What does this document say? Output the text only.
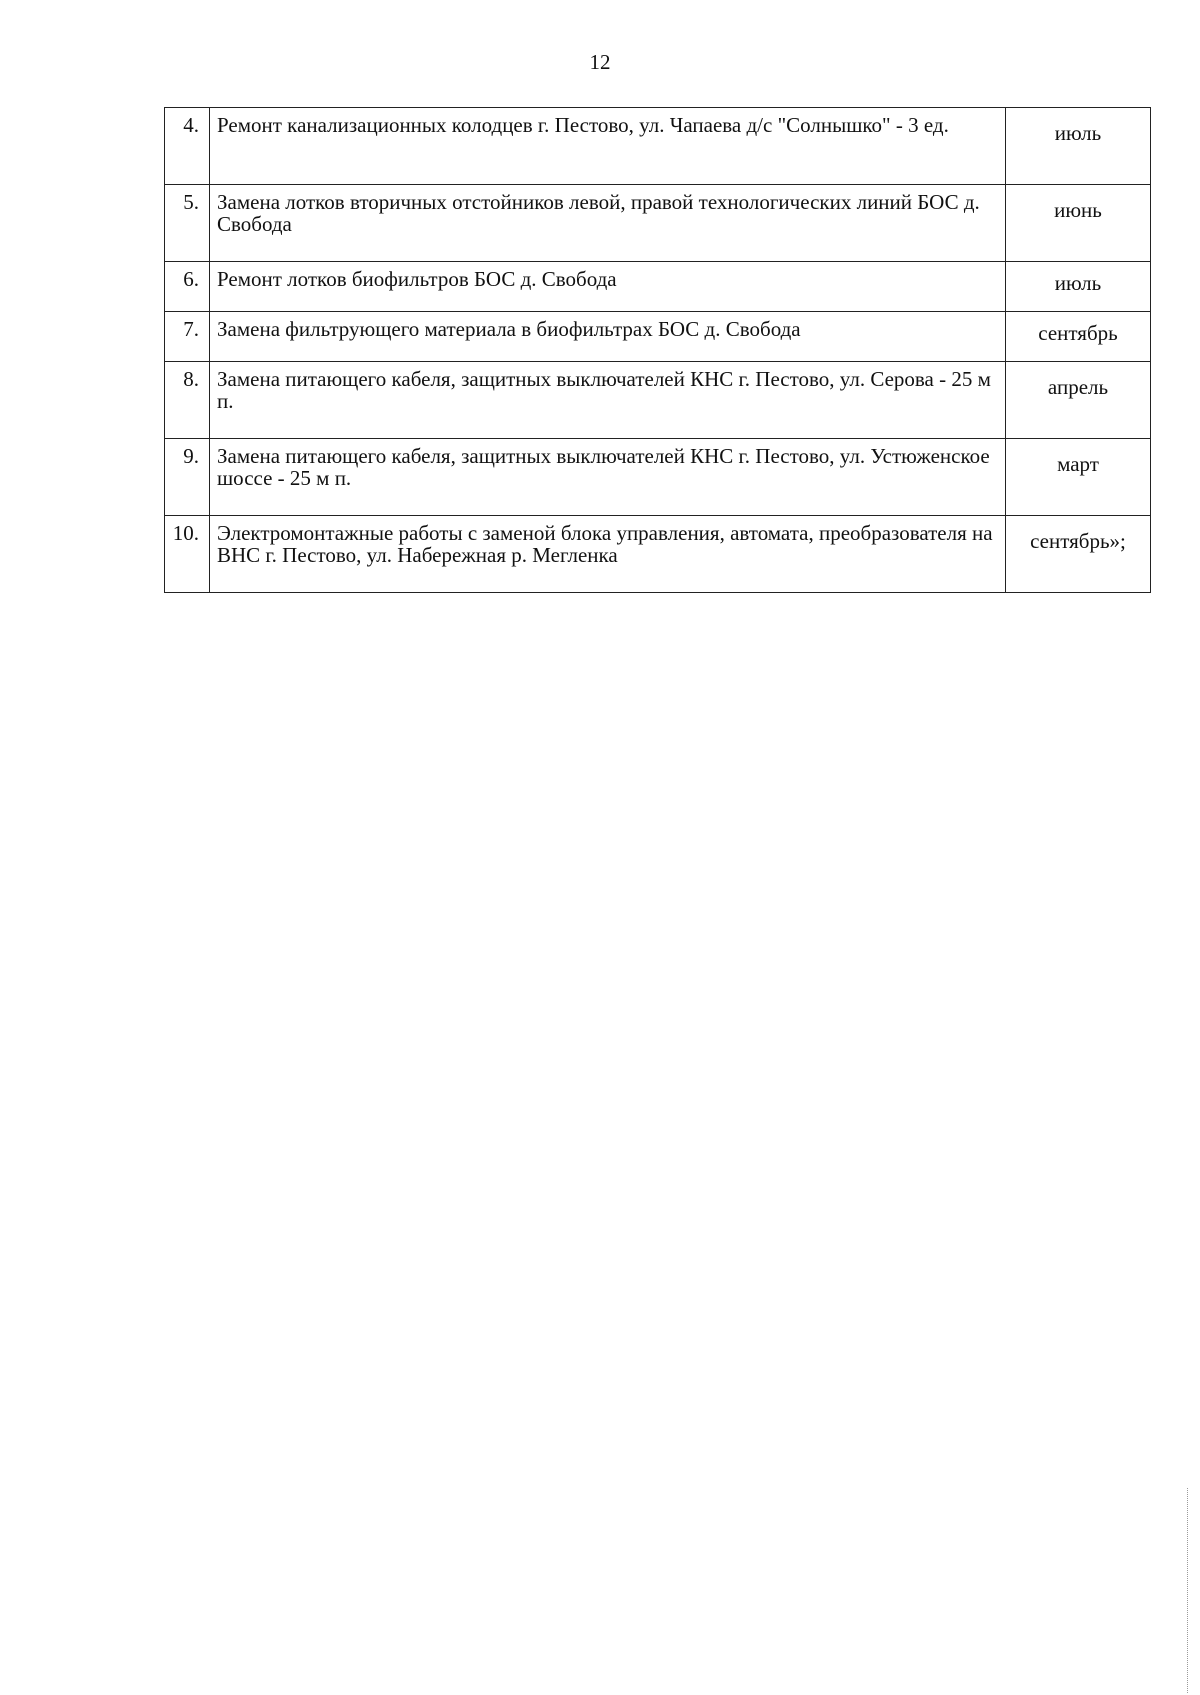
12
4.	Ремонт канализационных колодцев г. Пестово, ул. Чапаева д/с "Солнышко" - 3 ед.	июль
5.	Замена лотков вторичных отстойников левой, правой технологических линий БОС д. Свобода	июнь
6.	Ремонт лотков биофильтров БОС д. Свобода	июль
7.	Замена фильтрующего материала в биофильтрах БОС д. Свобода	сентябрь
8.	Замена питающего кабеля, защитных выключателей КНС г. Пестово, ул. Серова - 25 м п.	апрель
9.	Замена питающего кабеля, защитных выключателей КНС г. Пестово, ул. Устюженское шоссе - 25 м п.	март
10.	Электромонтажные работы с заменой блока управления, автомата, преобразователя на ВНС г. Пестово, ул. Набережная р. Мегленка	сентябрь»;
